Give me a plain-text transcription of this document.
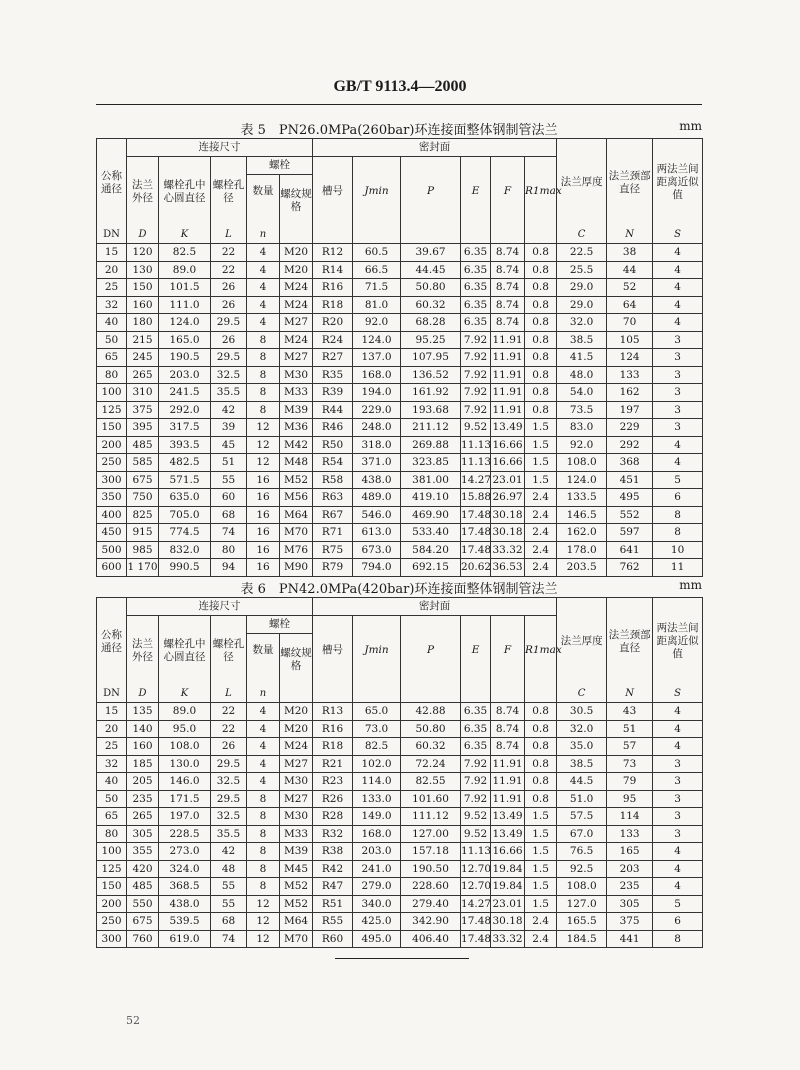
GB/T 9113.4—2000
表 5　PN26.0MPa(260bar)环连接面整体钢制管法兰	mm
公称通径	连接尺寸					密封面						法兰厚度	法兰颈部直径	两法兰间距离近似值
	法兰外径	螺栓孔中心圆直径	螺栓孔径	螺栓		槽号	Jmin	P	E	F	R1max			
				数量	螺纹规格									

DN	D	K	L	n								C	N	S
15	120	82.5	22	4	M20	R12	60.5	39.67	6.35	8.74	0.8	22.5	38	4
20	130	89.0	22	4	M20	R14	66.5	44.45	6.35	8.74	0.8	25.5	44	4
25	150	101.5	26	4	M24	R16	71.5	50.80	6.35	8.74	0.8	29.0	52	4
32	160	111.0	26	4	M24	R18	81.0	60.32	6.35	8.74	0.8	29.0	64	4
40	180	124.0	29.5	4	M27	R20	92.0	68.28	6.35	8.74	0.8	32.0	70	4
50	215	165.0	26	8	M24	R24	124.0	95.25	7.92	11.91	0.8	38.5	105	3
65	245	190.5	29.5	8	M27	R27	137.0	107.95	7.92	11.91	0.8	41.5	124	3
80	265	203.0	32.5	8	M30	R35	168.0	136.52	7.92	11.91	0.8	48.0	133	3
100	310	241.5	35.5	8	M33	R39	194.0	161.92	7.92	11.91	0.8	54.0	162	3
125	375	292.0	42	8	M39	R44	229.0	193.68	7.92	11.91	0.8	73.5	197	3
150	395	317.5	39	12	M36	R46	248.0	211.12	9.52	13.49	1.5	83.0	229	3
200	485	393.5	45	12	M42	R50	318.0	269.88	11.13	16.66	1.5	92.0	292	4
250	585	482.5	51	12	M48	R54	371.0	323.85	11.13	16.66	1.5	108.0	368	4
300	675	571.5	55	16	M52	R58	438.0	381.00	14.27	23.01	1.5	124.0	451	5
350	750	635.0	60	16	M56	R63	489.0	419.10	15.88	26.97	2.4	133.5	495	6
400	825	705.0	68	16	M64	R67	546.0	469.90	17.48	30.18	2.4	146.5	552	8
450	915	774.5	74	16	M70	R71	613.0	533.40	17.48	30.18	2.4	162.0	597	8
500	985	832.0	80	16	M76	R75	673.0	584.20	17.48	33.32	2.4	178.0	641	10
600	1 170	990.5	94	16	M90	R79	794.0	692.15	20.62	36.53	2.4	203.5	762	11
表 6　PN42.0MPa(420bar)环连接面整体钢制管法兰	mm
公称通径	连接尺寸					密封面						法兰厚度	法兰颈部直径	两法兰间距离近似值
	法兰外径	螺栓孔中心圆直径	螺栓孔径	螺栓		槽号	Jmin	P	E	F	R1max			
				数量	螺纹规格									

DN	D	K	L	n								C	N	S
15	135	89.0	22	4	M20	R13	65.0	42.88	6.35	8.74	0.8	30.5	43	4
20	140	95.0	22	4	M20	R16	73.0	50.80	6.35	8.74	0.8	32.0	51	4
25	160	108.0	26	4	M24	R18	82.5	60.32	6.35	8.74	0.8	35.0	57	4
32	185	130.0	29.5	4	M27	R21	102.0	72.24	7.92	11.91	0.8	38.5	73	3
40	205	146.0	32.5	4	M30	R23	114.0	82.55	7.92	11.91	0.8	44.5	79	3
50	235	171.5	29.5	8	M27	R26	133.0	101.60	7.92	11.91	0.8	51.0	95	3
65	265	197.0	32.5	8	M30	R28	149.0	111.12	9.52	13.49	1.5	57.5	114	3
80	305	228.5	35.5	8	M33	R32	168.0	127.00	9.52	13.49	1.5	67.0	133	3
100	355	273.0	42	8	M39	R38	203.0	157.18	11.13	16.66	1.5	76.5	165	4
125	420	324.0	48	8	M45	R42	241.0	190.50	12.70	19.84	1.5	92.5	203	4
150	485	368.5	55	8	M52	R47	279.0	228.60	12.70	19.84	1.5	108.0	235	4
200	550	438.0	55	12	M52	R51	340.0	279.40	14.27	23.01	1.5	127.0	305	5
250	675	539.5	68	12	M64	R55	425.0	342.90	17.48	30.18	2.4	165.5	375	6
300	760	619.0	74	12	M70	R60	495.0	406.40	17.48	33.32	2.4	184.5	441	8
52
